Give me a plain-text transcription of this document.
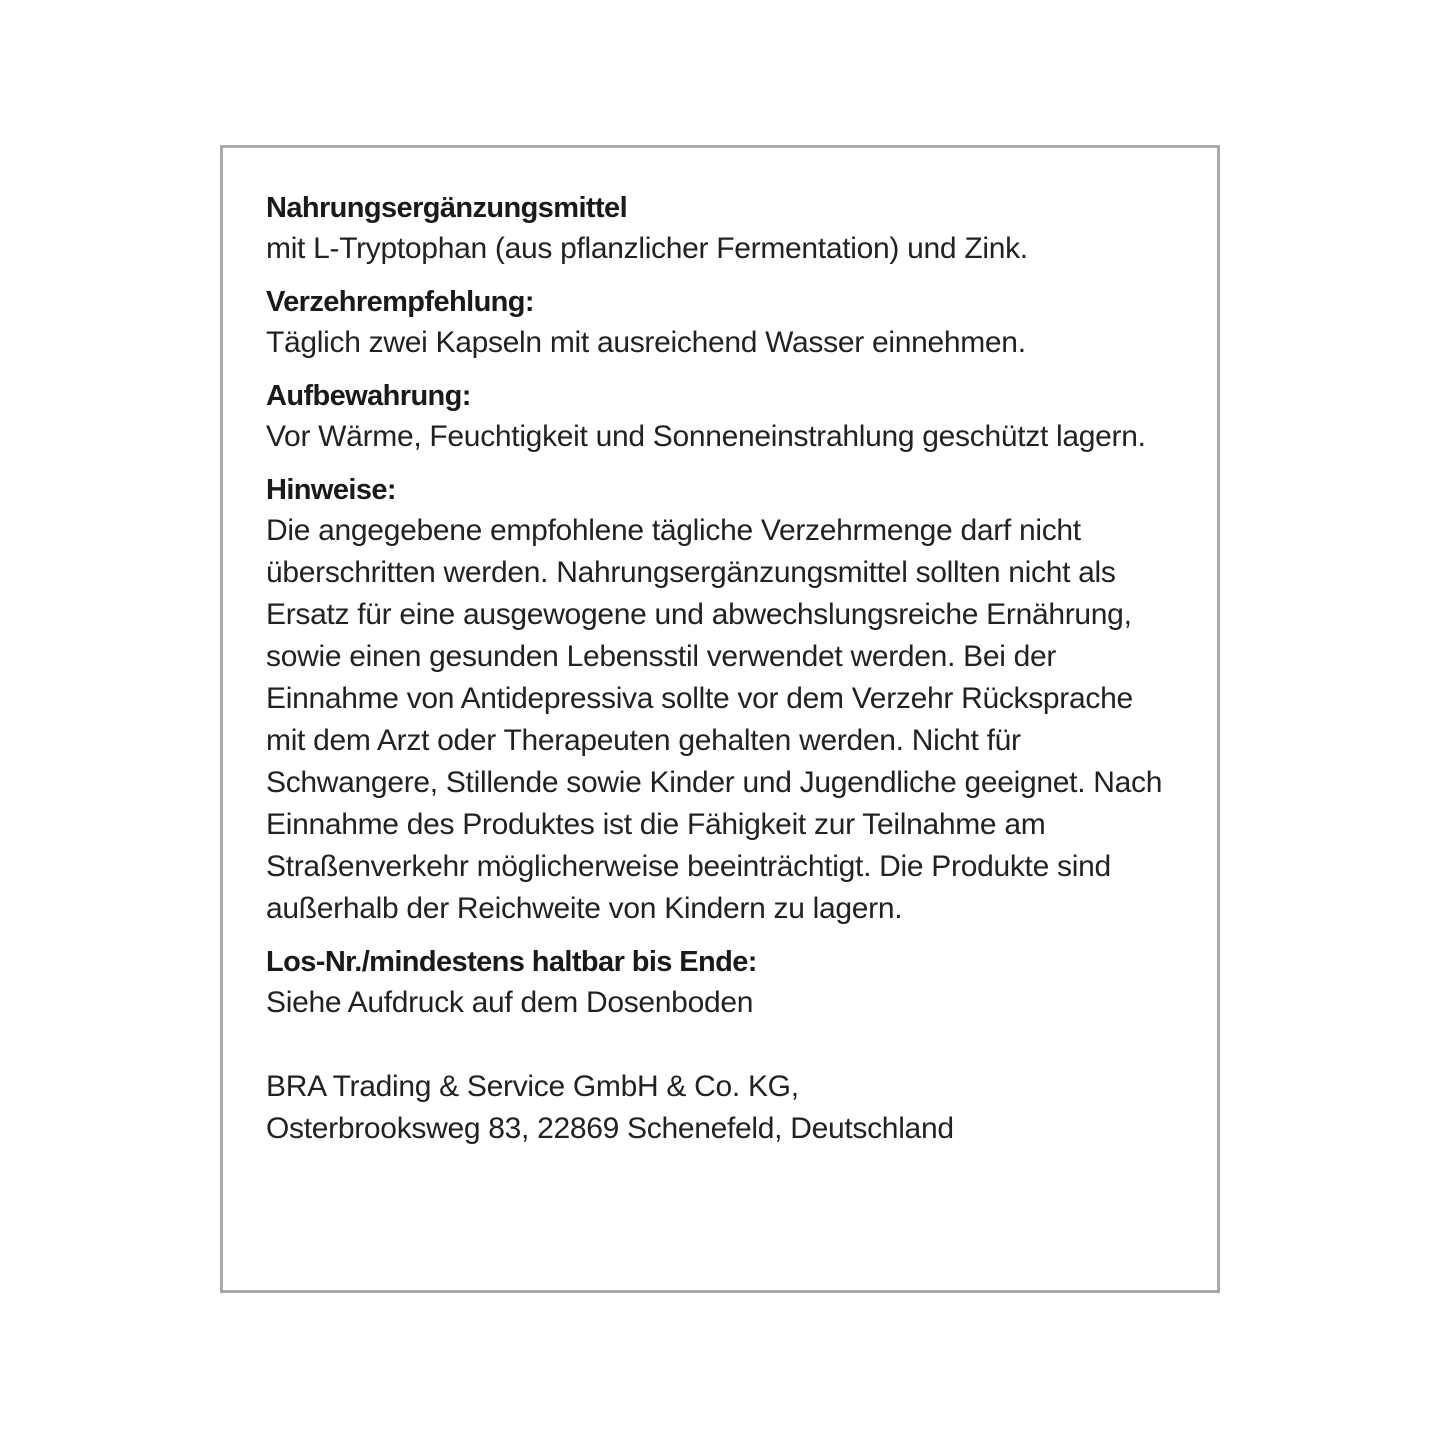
Nahrungsergänzungsmittel

mit L-Tryptophan (aus pflanzlicher Fermentation) und Zink.

Verzehrempfehlung:

Täglich zwei Kapseln mit ausreichend Wasser einnehmen.

Aufbewahrung:

Vor Wärme, Feuchtigkeit und Sonneneinstrahlung geschützt lagern.

Hinweise:

Die angegebene empfohlene tägliche Verzehrmenge darf nicht überschritten werden. Nahrungsergänzungsmittel sollten nicht als Ersatz für eine ausgewogene und abwechslungsreiche Ernährung, sowie einen gesunden Lebensstil verwendet werden. Bei der Einnahme von Antidepressiva sollte vor dem Verzehr Rücksprache mit dem Arzt oder Therapeuten gehalten werden. Nicht für Schwangere, Stillende sowie Kinder und Jugendliche geeignet. Nach Einnahme des Produktes ist die Fähigkeit zur Teilnahme am Straßenverkehr möglicherweise beeinträchtigt. Die Produkte sind außerhalb der Reichweite von Kindern zu lagern.

Los-Nr./mindestens haltbar bis Ende:

Siehe Aufdruck auf dem Dosenboden

BRA Trading & Service GmbH & Co. KG,
Osterbrooksweg 83, 22869 Schenefeld, Deutschland
